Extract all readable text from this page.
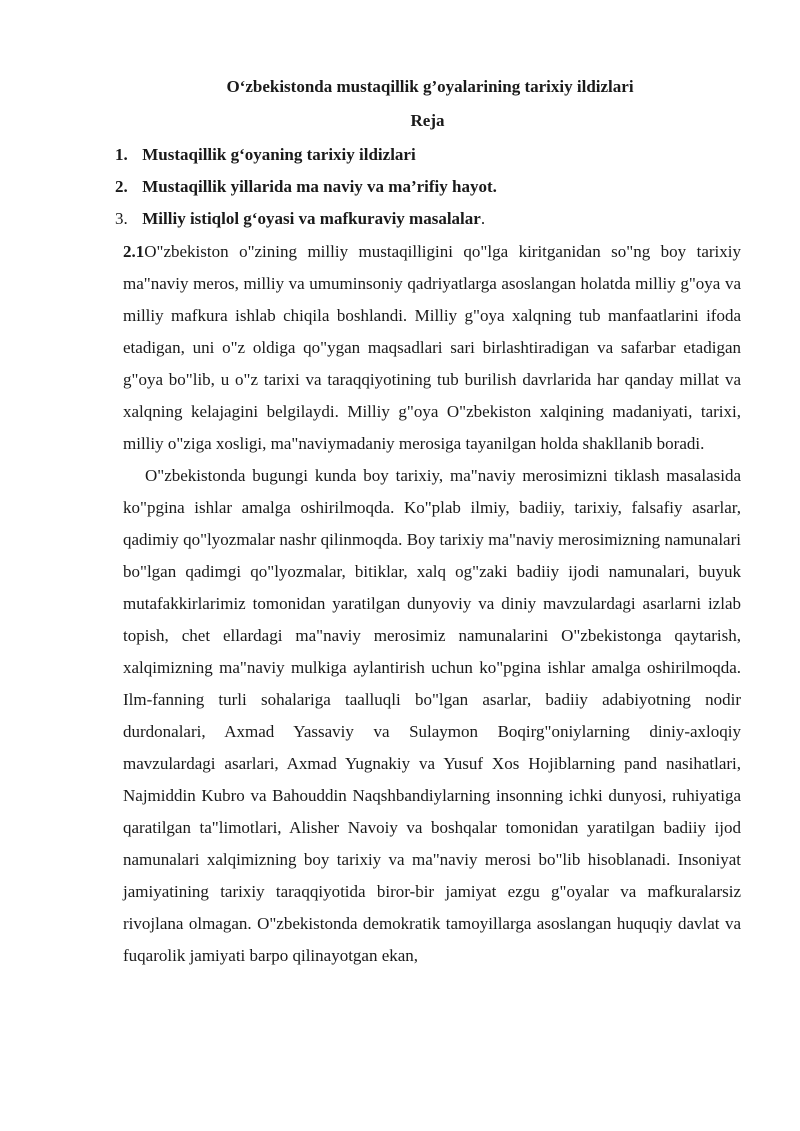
O‘zbekistonda mustaqillik g’oyalarining tarixiy ildizlari
Reja
1. Mustaqillik g‘oyaning tarixiy ildizlari
2. Mustaqillik yillarida ma naviy va ma’rifiy hayot.
3. Milliy istiqlol g‘oyasi va mafkuraviy masalalar.

2.1O"zbekiston o"zining milliy mustaqilligini qo"lga kiritganidan so"ng boy tarixiy ma"naviy meros, milliy va umuminsoniy qadriyatlarga asoslangan holatda milliy g"oya va milliy mafkura ishlab chiqila boshlandi. Milliy g"oya xalqning tub manfaatlarini ifoda etadigan, uni o"z oldiga qo"ygan maqsadlari sari birlashtiradigan va safarbar etadigan g"oya bo"lib, u o"z tarixi va taraqqiyotining tub burilish davrlarida har qanday millat va xalqning kelajagini belgilaydi. Milliy g"oya O"zbekiston xalqining madaniyati, tarixi, milliy o"ziga xosligi, ma"naviymadaniy merosiga tayanilgan holda shakllanib boradi.

O"zbekistonda bugungi kunda boy tarixiy, ma"naviy merosimizni tiklash masalasida ko"pgina ishlar amalga oshirilmoqda. Ko"plab ilmiy, badiiy, tarixiy, falsafiy asarlar, qadimiy qo"lyozmalar nashr qilinmoqda. Boy tarixiy ma"naviy merosimizning namunalari bo"lgan qadimgi qo"lyozmalar, bitiklar, xalq og"zaki badiiy ijodi namunalari, buyuk mutafakkirlarimiz tomonidan yaratilgan dunyoviy va diniy mavzulardagi asarlarni izlab topish, chet ellardagi ma"naviy merosimiz namunalarini O"zbekistonga qaytarish, xalqimizning ma"naviy mulkiga aylantirish uchun ko"pgina ishlar amalga oshirilmoqda. Ilm-fanning turli sohalariga taalluqli bo"lgan asarlar, badiiy adabiyotning nodir durdonalari, Axmad Yassaviy va Sulaymon Boqirg"oniylarning diniy-axloqiy mavzulardagi asarlari, Axmad Yugnakiy va Yusuf Xos Hojiblarning pand nasihatlari, Najmiddin Kubro va Bahouddin Naqshbandiylarning insonning ichki dunyosi, ruhiyatiga qaratilgan ta"limotlari, Alisher Navoiy va boshqalar tomonidan yaratilgan badiiy ijod namunalari xalqimizning boy tarixiy va ma"naviy merosi bo"lib hisoblanadi. Insoniyat jamiyatining tarixiy taraqqiyotida biror-bir jamiyat ezgu g"oyalar va mafkuralarsiz rivojlana olmagan. O"zbekistonda demokratik tamoyillarga asoslangan huquqiy davlat va fuqarolik jamiyati barpo qilinayotgan ekan,
